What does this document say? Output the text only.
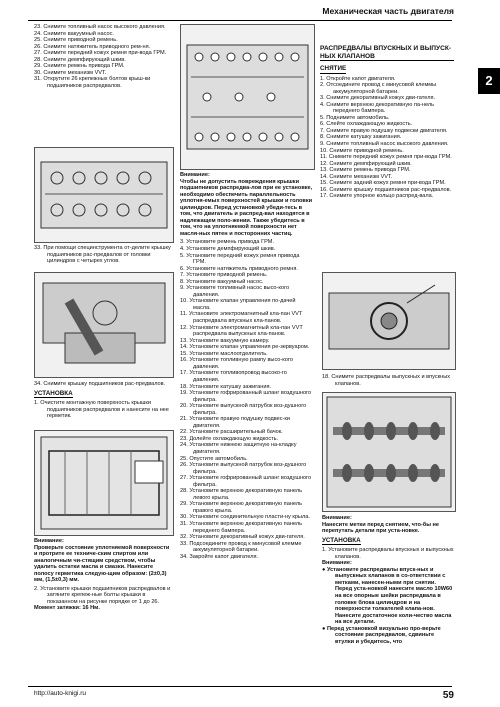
Механическая часть двигателя
2
23. Снимите топливный насос высокого давления.
24. Снимите вакуумный насос.
25. Снимите приводной ремень.
26. Снимите натяжитель приводного рем-ня.
27. Снимите передний кожух ремня при-вода ГРМ.
28. Снимите демпфирующий шкив.
29. Снимите ремень привода ГРМ.
30. Снимите механизм VVT.
31. Открутите 26 крепежных болтов крыш-ки подшипников распредвалов.
33. При помощи специнструмента от-делите крышку подшипников рас-предвалов от головки цилиндров с четырех углов.
34. Снимите крышку подшипников рас-предвалов.
УСТАНОВКА
1. Очистите монтажную поверхность крышки подшипников распредвалов и нанесите на нее герметик.

Внимание:

Проверьте состояние уплотняемой поверхности и протрите ее техниче-ским спиртом или аналогичным чи-стящим средством, чтобы удалить остатки масла и смазки. Нанесите полосу герметика следую-щим образом: (2±0,3) мм, (1,5±0,3) мм.

2. Установите крышки подшипников распредвалов и затяните крепеж-ные болты крышки в показанном на рисунке порядке от 1 до 26.

Момент затяжки: 16 Нм.

Внимание:

Чтобы не допустить повреждения крышки подшипников распредва-лов при ее установке, необходимо обеспечить параллельность уплотня-емых поверхностей крышки и головки цилиндров. Перед установкой убеди-тесь в том, что двигатель и распред-вал находятся в надлежащем поло-жении. Также убедитесь в том, что на уплотняемой поверхности нет масля-ных пятен и посторонних частиц.

3. Установите ремень привода ГРМ.
4. Установите демпфирующий шкив.
5. Установите передний кожух ремня привода ГРМ.
6. Установите натяжитель приводного ремня.
7. Установите приводной ремень.
8. Установите вакуумный насос.
9. Установите топливный насос высо-кого давления.
10. Установите клапан управления по-дачей масла.
11. Установите электромагнитный кла-пан VVT распредвала впускных кла-панов.
12. Установите электромагнитный кла-пан VVT распредвала выпускных кла-панов.
13. Установите вакуумную камеру.
14. Установите клапан управления ре-зервуаром.
15. Установите маслоотделитель.
16. Установите топливную рампу высо-кого давления.
17. Установите топливопровод высоко-го давления.
18. Установите катушку зажигания.
19. Установите гофрированный шланг воздушного фильтра.
20. Установите выпускной патрубок воз-душного фильтра.
21. Установите правую подушку подвес-ки двигателя.
22. Установите расширительный бачок.
23. Долейте охлаждающую жидкость.
24. Установите нижнюю защитную на-кладку двигателя.
25. Опустите автомобиль.
26. Установите выпускной патрубок воз-душного фильтра.
27. Установите гофрированный шланг воздушного фильтра.
28. Установите верхнюю декоративную панель левого крыла.
29. Установите верхнюю декоративную панель правого крыла.
30. Установите соединительную пласти-ну крыла.
31. Установите верхнюю декоративную панель переднего бампера.
32. Установите декоративный кожух дви-гателя.
33. Подсоедините провод к минусовой клемме аккумуляторной батареи.
34. Закройте капот двигателя.
РАСПРЕДВАЛЫ ВПУСКНЫХ И ВЫПУСК-НЫХ КЛАПАНОВ
СНЯТИЕ
1. Откройте капот двигателя.
2. Отсоедините провод с минусовой клеммы аккумуляторной батареи.
3. Снимите декоративный кожух дви-гателя.
4. Снимите верхнюю декоративную па-нель переднего бампера.
5. Поднимите автомобиль.
6. Слейте охлаждающую жидкость.
7. Снимите правую подушку подвески двигателя.
8. Снимите катушку зажигания.
9. Снимите топливный насос высокого давления.
10. Снимите приводной ремень.
11. Снимите передний кожух ремня при-вода ГРМ.
12. Снимите демпфирующий шкив.
13. Снимите ремень привода ГРМ.
14. Снимите механизм VVT.
15. Снимите задний кожух ремня при-вода ГРМ.
16. Снимите крышку подшипников рас-предвалов.
17. Снимите упорное кольцо распред-вала.
18. Снимите распредвалы выпускных и впускных клапанов.

Внимание:

Нанесите метки перед снятием, что-бы не перепутать детали при уста-новке.

УСТАНОВКА
1. Установите распредвалы впускных и выпускных клапанов.

Внимание:

● Установите распредвалы впуск-ных и выпускных клапанов в со-ответствии с метками, нанесен-ными при снятии. Перед уста-новкой нанесите масло 10W60 на все опорные шейки распредвала в головке блока цилиндров и на поверхности толкателей клапа-нов. Нанесите достаточное коли-чество масла на все детали.
● Перед установкой визуально про-верьте состояние распредвалов, сдвиньте втулки и убедитесь, что
http://auto-knigi.ru	59
